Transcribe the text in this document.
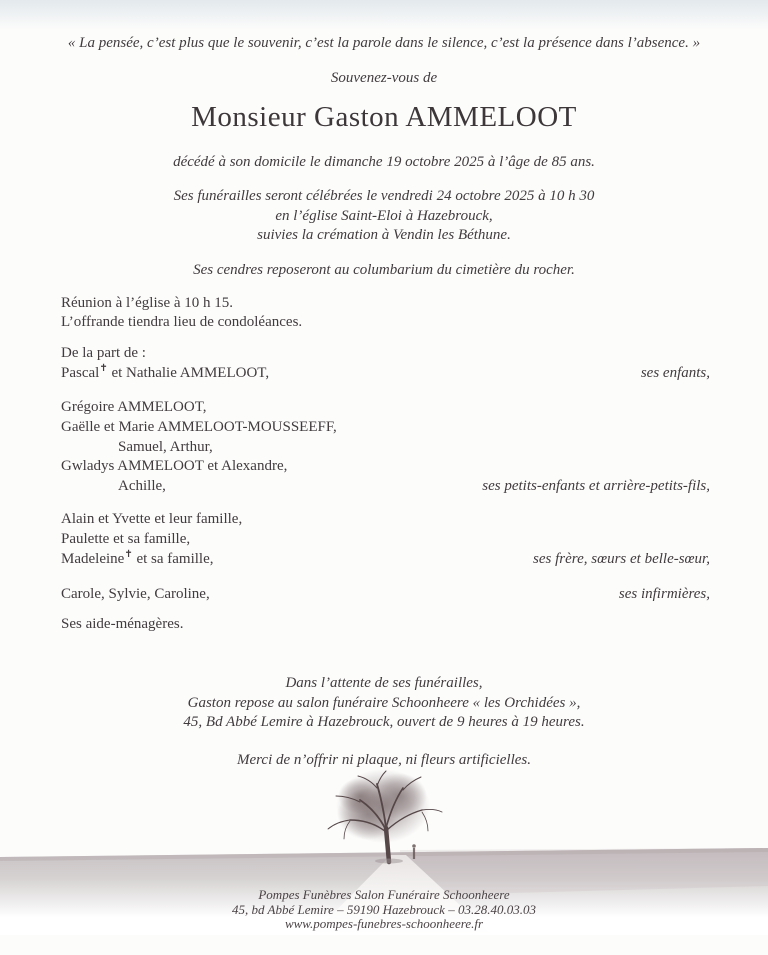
« La pensée, c’est plus que le souvenir, c’est la parole dans le silence, c’est la présence dans l’absence. »
Souvenez-vous de
Monsieur Gaston AMMELOOT
décédé à son domicile le dimanche 19 octobre 2025 à l’âge de 85 ans.
Ses funérailles seront célébrées le vendredi 24 octobre 2025 à 10 h 30
en l’église Saint-Eloi à Hazebrouck,
suivies la crémation à Vendin les Béthune.
Ses cendres reposeront au columbarium du cimetière du rocher.
Réunion à l’église à 10 h 15.
L’offrande tiendra lieu de condoléances.
De la part de :
Pascal✝ et Nathalie AMMELOOT,	ses enfants,
Grégoire AMMELOOT,
Gaëlle et Marie AMMELOOT-MOUSSEEFF,
Samuel, Arthur,
Gwladys AMMELOOT et Alexandre,
Achille,	ses petits-enfants et arrière-petits-fils,
Alain et Yvette et leur famille,
Paulette et sa famille,
Madeleine✝ et sa famille,	ses frère, sœurs et belle-sœur,
Carole, Sylvie, Caroline,	ses infirmières,
Ses aide-ménagères.
Dans l’attente de ses funérailles,
Gaston repose au salon funéraire Schoonheere « les Orchidées »,
45, Bd Abbé Lemire à Hazebrouck, ouvert de 9 heures à 19 heures.
Merci de n’offrir ni plaque, ni fleurs artificielles.
Pompes Funèbres Salon Funéraire Schoonheere
45, bd Abbé Lemire – 59190 Hazebrouck – 03.28.40.03.03
www.pompes-funebres-schoonheere.fr
